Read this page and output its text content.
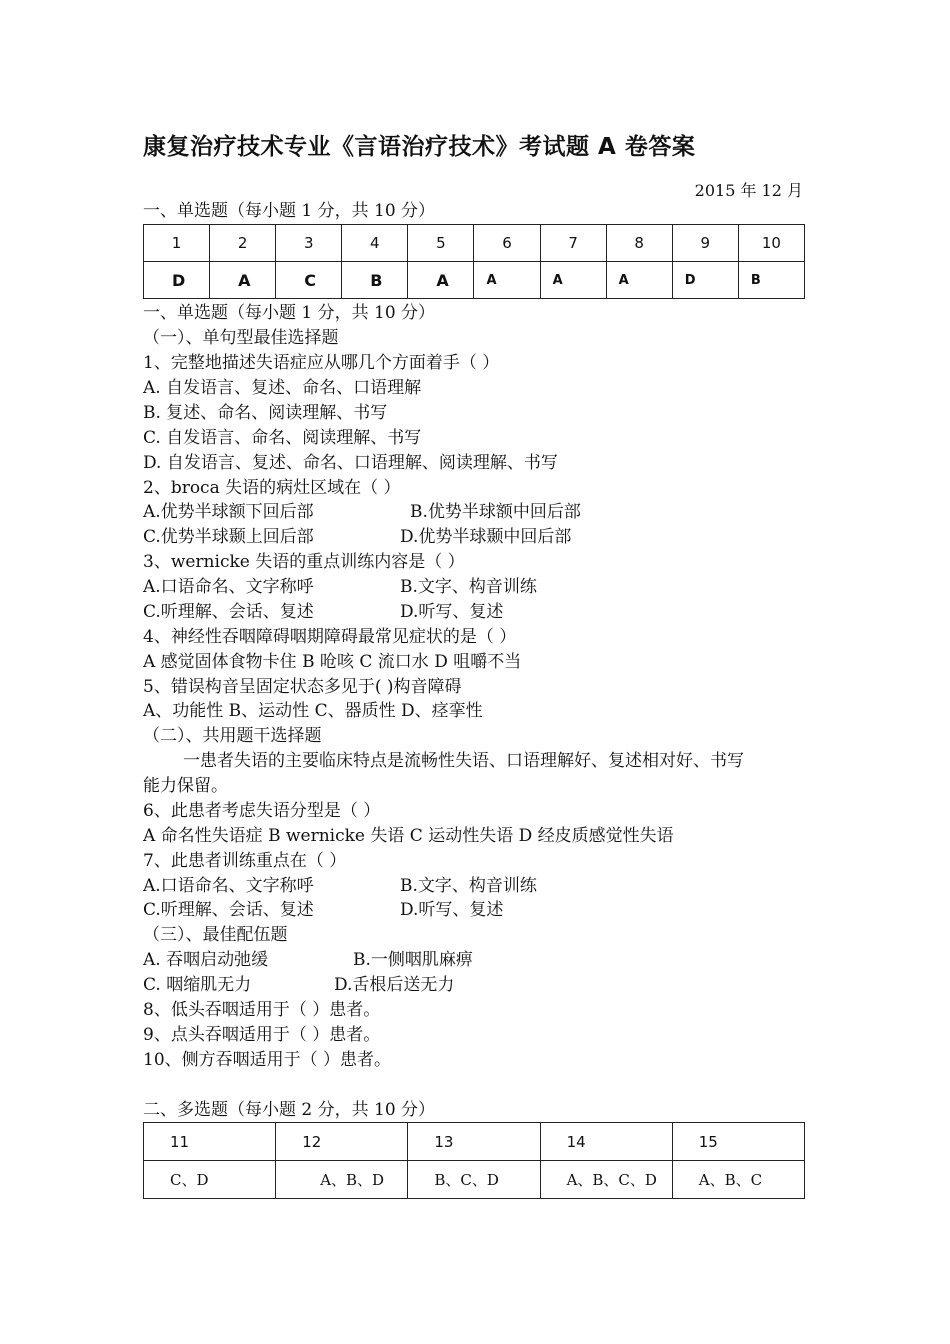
康复治疗技术专业《言语治疗技术》考试题 A 卷答案
2015 年 12 月
一、单选题（每小题 1 分，共 10 分）
1	2	3	4	5	6	7	8	9	10
D	A	C	B	A	A	A	A	D	B
一、单选题（每小题 1 分，共 10 分）
（一）、单句型最佳选择题
1、完整地描述失语症应从哪几个方面着手（ ）
A. 自发语言、复述、命名、口语理解
B. 复述、命名、阅读理解、书写
C. 自发语言、命名、阅读理解、书写
D. 自发语言、复述、命名、口语理解、阅读理解、书写
2、broca 失语的病灶区域在（ ）
A.优势半球额下回后部	B.优势半球额中回后部
C.优势半球颞上回后部	D.优势半球颞中回后部
3、wernicke 失语的重点训练内容是（ ）
A.口语命名、文字称呼	B.文字、构音训练
C.听理解、会话、复述	D.听写、复述
4、神经性吞咽障碍咽期障碍最常见症状的是（ ）
A 感觉固体食物卡住 B 呛咳 C 流口水 D 咀嚼不当
5、错误构音呈固定状态多见于( )构音障碍
A、功能性 B、运动性 C、器质性 D、痉挛性
（二）、共用题干选择题
一患者失语的主要临床特点是流畅性失语、口语理解好、复述相对好、书写
能力保留。
6、此患者考虑失语分型是（ ）
A 命名性失语症 B wernicke 失语 C 运动性失语 D 经皮质感觉性失语
7、此患者训练重点在（ ）
A.口语命名、文字称呼	B.文字、构音训练
C.听理解、会话、复述	D.听写、复述
（三）、最佳配伍题
A. 吞咽启动弛缓	B.一侧咽肌麻痹
C. 咽缩肌无力	D.舌根后送无力
8、低头吞咽适用于（ ）患者。
9、点头吞咽适用于（ ）患者。
10、侧方吞咽适用于（ ）患者。
二、多选题（每小题 2 分，共 10 分）
11	12	13	14	15
C、D	A、B、D	B、C、D	A、B、C、D	A、B、C
